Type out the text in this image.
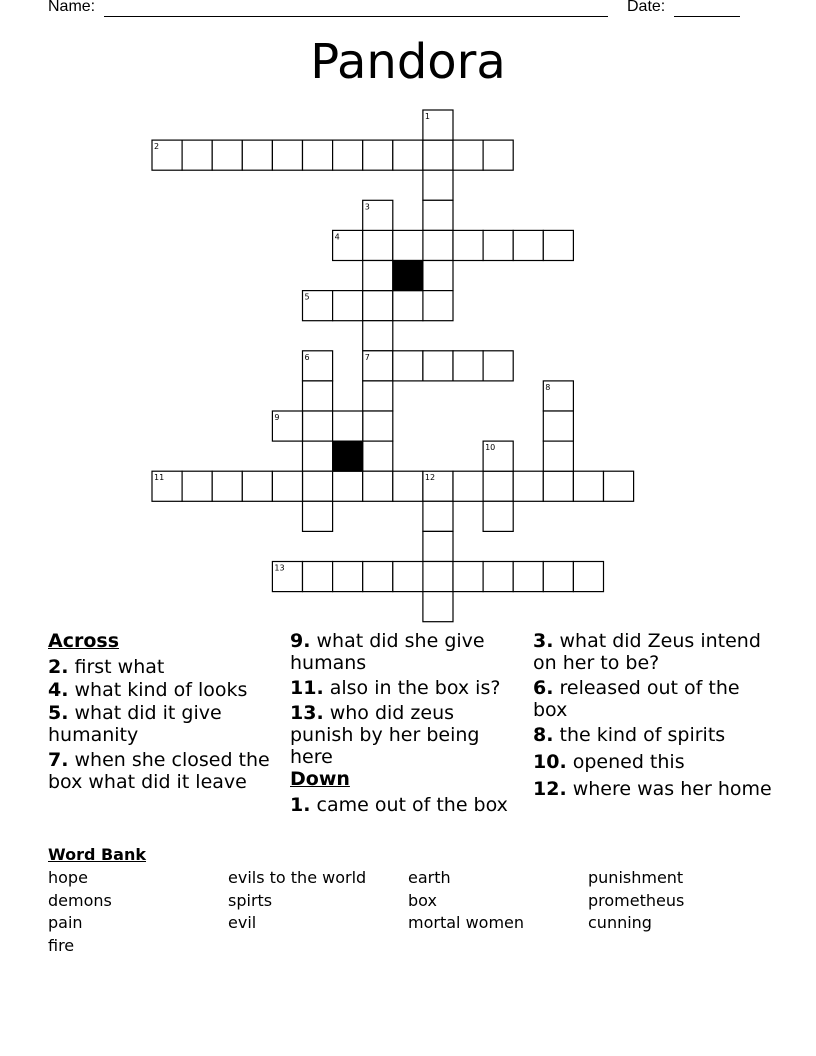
Name:	Date:
Pandora
2
1
4
5
3
7
6
9
11	12
8
10
13
Across
2. first what
4. what kind of looks
5. what did it give humanity
7. when she closed the box what did it leave
9. what did she give humans
11. also in the box is?
13. who did zeus punish by her being here
Down
1. came out of the box
3. what did Zeus intend on her to be?
6. released out of the box
8. the kind of spirits
10. opened this
12. where was her home
Word Bank
hope	evils to the world	earth	punishment
demons	spirts	box	prometheus
pain	evil	mortal women	cunning
fire
